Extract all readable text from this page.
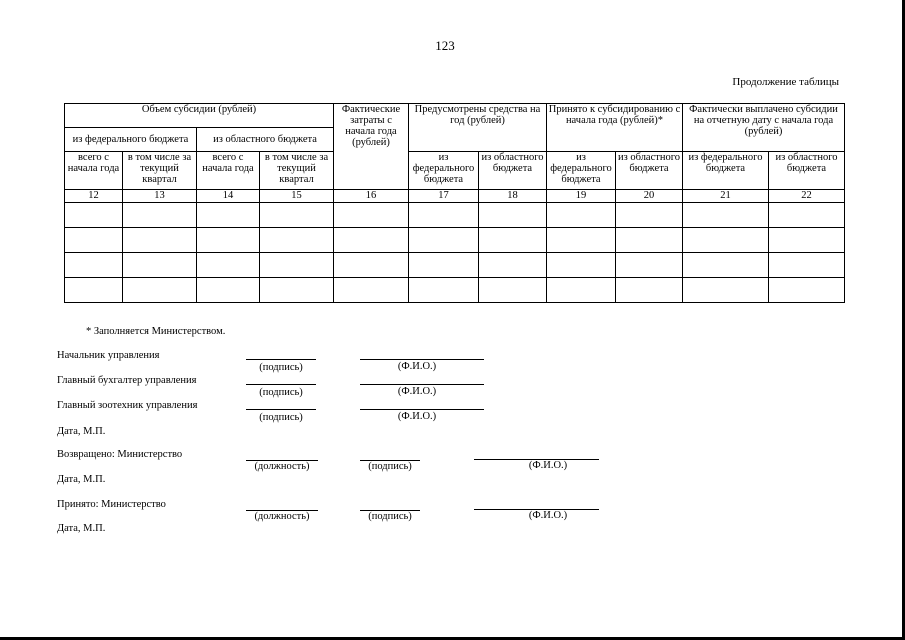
123
Продолжение таблицы
Объем субсидии (рублей)				Фактические затраты с начала года (рублей)	Предусмотрены средства на год (рублей)		Принято к субсидированию с начала года (рублей)*		Фактически выплачено субсидии на отчетную дату с начала года (рублей)	
из федерального бюджета		из областного бюджета								
всего с начала года	в том числе за текущий квартал	всего с начала года	в том числе за текущий квартал		из федерального бюджета	из областного бюджета	из федерального бюджета	из областного бюджета	из федерального бюджета	из областного бюджета
12	13	14	15	16	17	18	19	20	21	22

* Заполняется Министерством.
Начальник управления
(подпись)	(Ф.И.О.)
Главный бухгалтер управления
(подпись)	(Ф.И.О.)
Главный зоотехник управления
(подпись)	(Ф.И.О.)
Дата, М.П.
Возвращено: Министерство
(должность)	(подпись)	(Ф.И.О.)
Дата, М.П.
Принято: Министерство
(должность)	(подпись)	(Ф.И.О.)
Дата, М.П.
